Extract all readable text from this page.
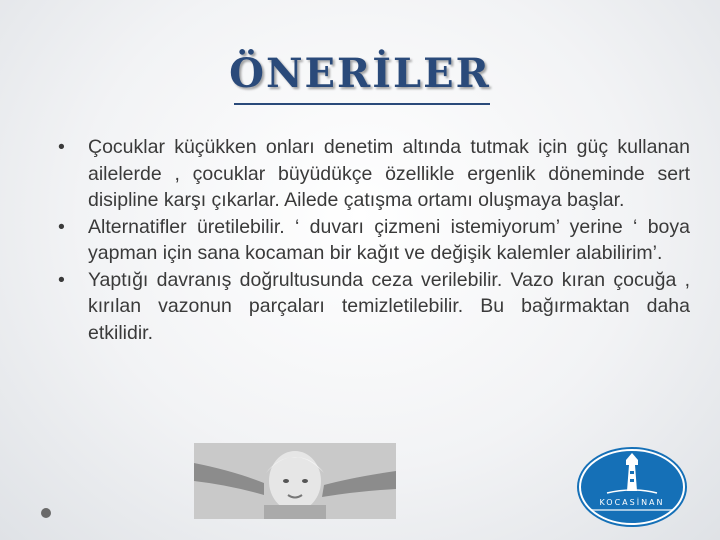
ÖNERİLER
•	Çocuklar küçükken onları denetim altında tutmak için güç kullanan ailelerde , çocuklar büyüdükçe özellikle ergenlik döneminde sert disipline karşı çıkarlar. Ailede çatışma ortamı oluşmaya başlar.
•	Alternatifler üretilebilir. ‘ duvarı çizmeni istemiyorum’ yerine ‘ boya yapman için sana kocaman bir kağıt ve değişik kalemler alabilirim’.
•	Yaptığı davranış doğrultusunda ceza verilebilir. Vazo kıran çocuğa , kırılan vazonun parçaları temizletilebilir. Bu bağırmaktan daha etkilidir.
KOCASİNAN
